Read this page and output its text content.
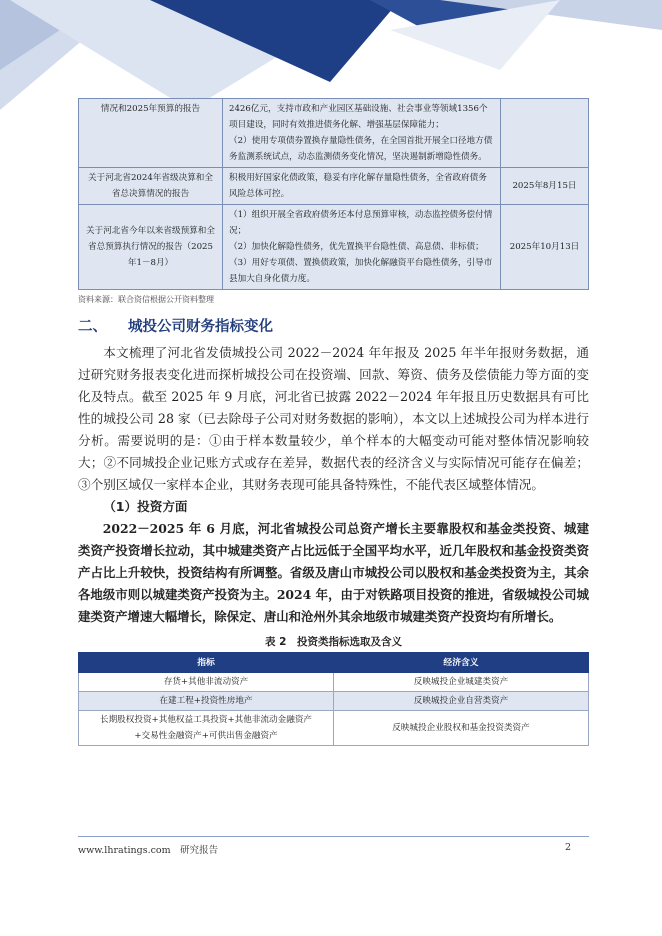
情况和2025年预算的报告	2426亿元，支持市政和产业园区基础设施、社会事业等领域1356个项目建设，同时有效推进债务化解、增强基层保障能力；

（2）使用专项债券置换存量隐性债务，在全国首批开展全口径地方债务监测系统试点，动态监测债务变化情况，坚决遏制新增隐性债务。	

关于河北省2024年省级决算和全省总决算情况的报告	积极用好国家化债政策，稳妥有序化解存量隐性债务，全省政府债务风险总体可控。	2025年8月15日
关于河北省今年以来省级预算和全省总预算执行情况的报告（2025年1－8月）	（1）组织开展全省政府债务还本付息预算审核，动态监控债务偿付情况；

（2）加快化解隐性债务，优先置换平台隐性债、高息债、非标债；

（3）用好专项债、置换债政策，加快化解融资平台隐性债务，引导市县加大自身化债力度。	2025年10月13日
资料来源：联合资信根据公开资料整理
二、 城投公司财务指标变化
本文梳理了河北省发债城投公司 2022－2024 年年报及 2025 年半年报财务数据，通过研究财务报表变化进而探析城投公司在投资端、回款、筹资、债务及偿债能力等方面的变化及特点。截至 2025 年 9 月底，河北省已披露 2022－2024 年年报且历史数据具有可比性的城投公司 28 家（已去除母子公司对财务数据的影响），本文以上述城投公司为样本进行分析。需要说明的是：①由于样本数量较少，单个样本的大幅变动可能对整体情况影响较大；②不同城投企业记账方式或存在差异，数据代表的经济含义与实际情况可能存在偏差；③个别区域仅一家样本企业，其财务表现可能具备特殊性，不能代表区域整体情况。
（1）投资方面
2022－2025 年 6 月底，河北省城投公司总资产增长主要靠股权和基金类投资、城建类资产投资增长拉动，其中城建类资产占比远低于全国平均水平，近几年股权和基金投资类资产占比上升较快，投资结构有所调整。省级及唐山市城投公司以股权和基金类投资为主，其余各地级市则以城建类资产投资为主。2024 年，由于对铁路项目投资的推进，省级城投公司城建类资产增速大幅增长，除保定、唐山和沧州外其余地级市城建类资产投资均有所增长。
表 2　投资类指标选取及含义
指标	经济含义

存货+其他非流动资产	反映城投企业城建类资产

在建工程+投资性房地产	反映城投企业自营类资产

长期股权投资+其他权益工具投资+其他非流动金融资产
+交易性金融资产+可供出售金融资产	反映城投企业股权和基金投资类资产
www.lhratings.com　 研究报告	2
